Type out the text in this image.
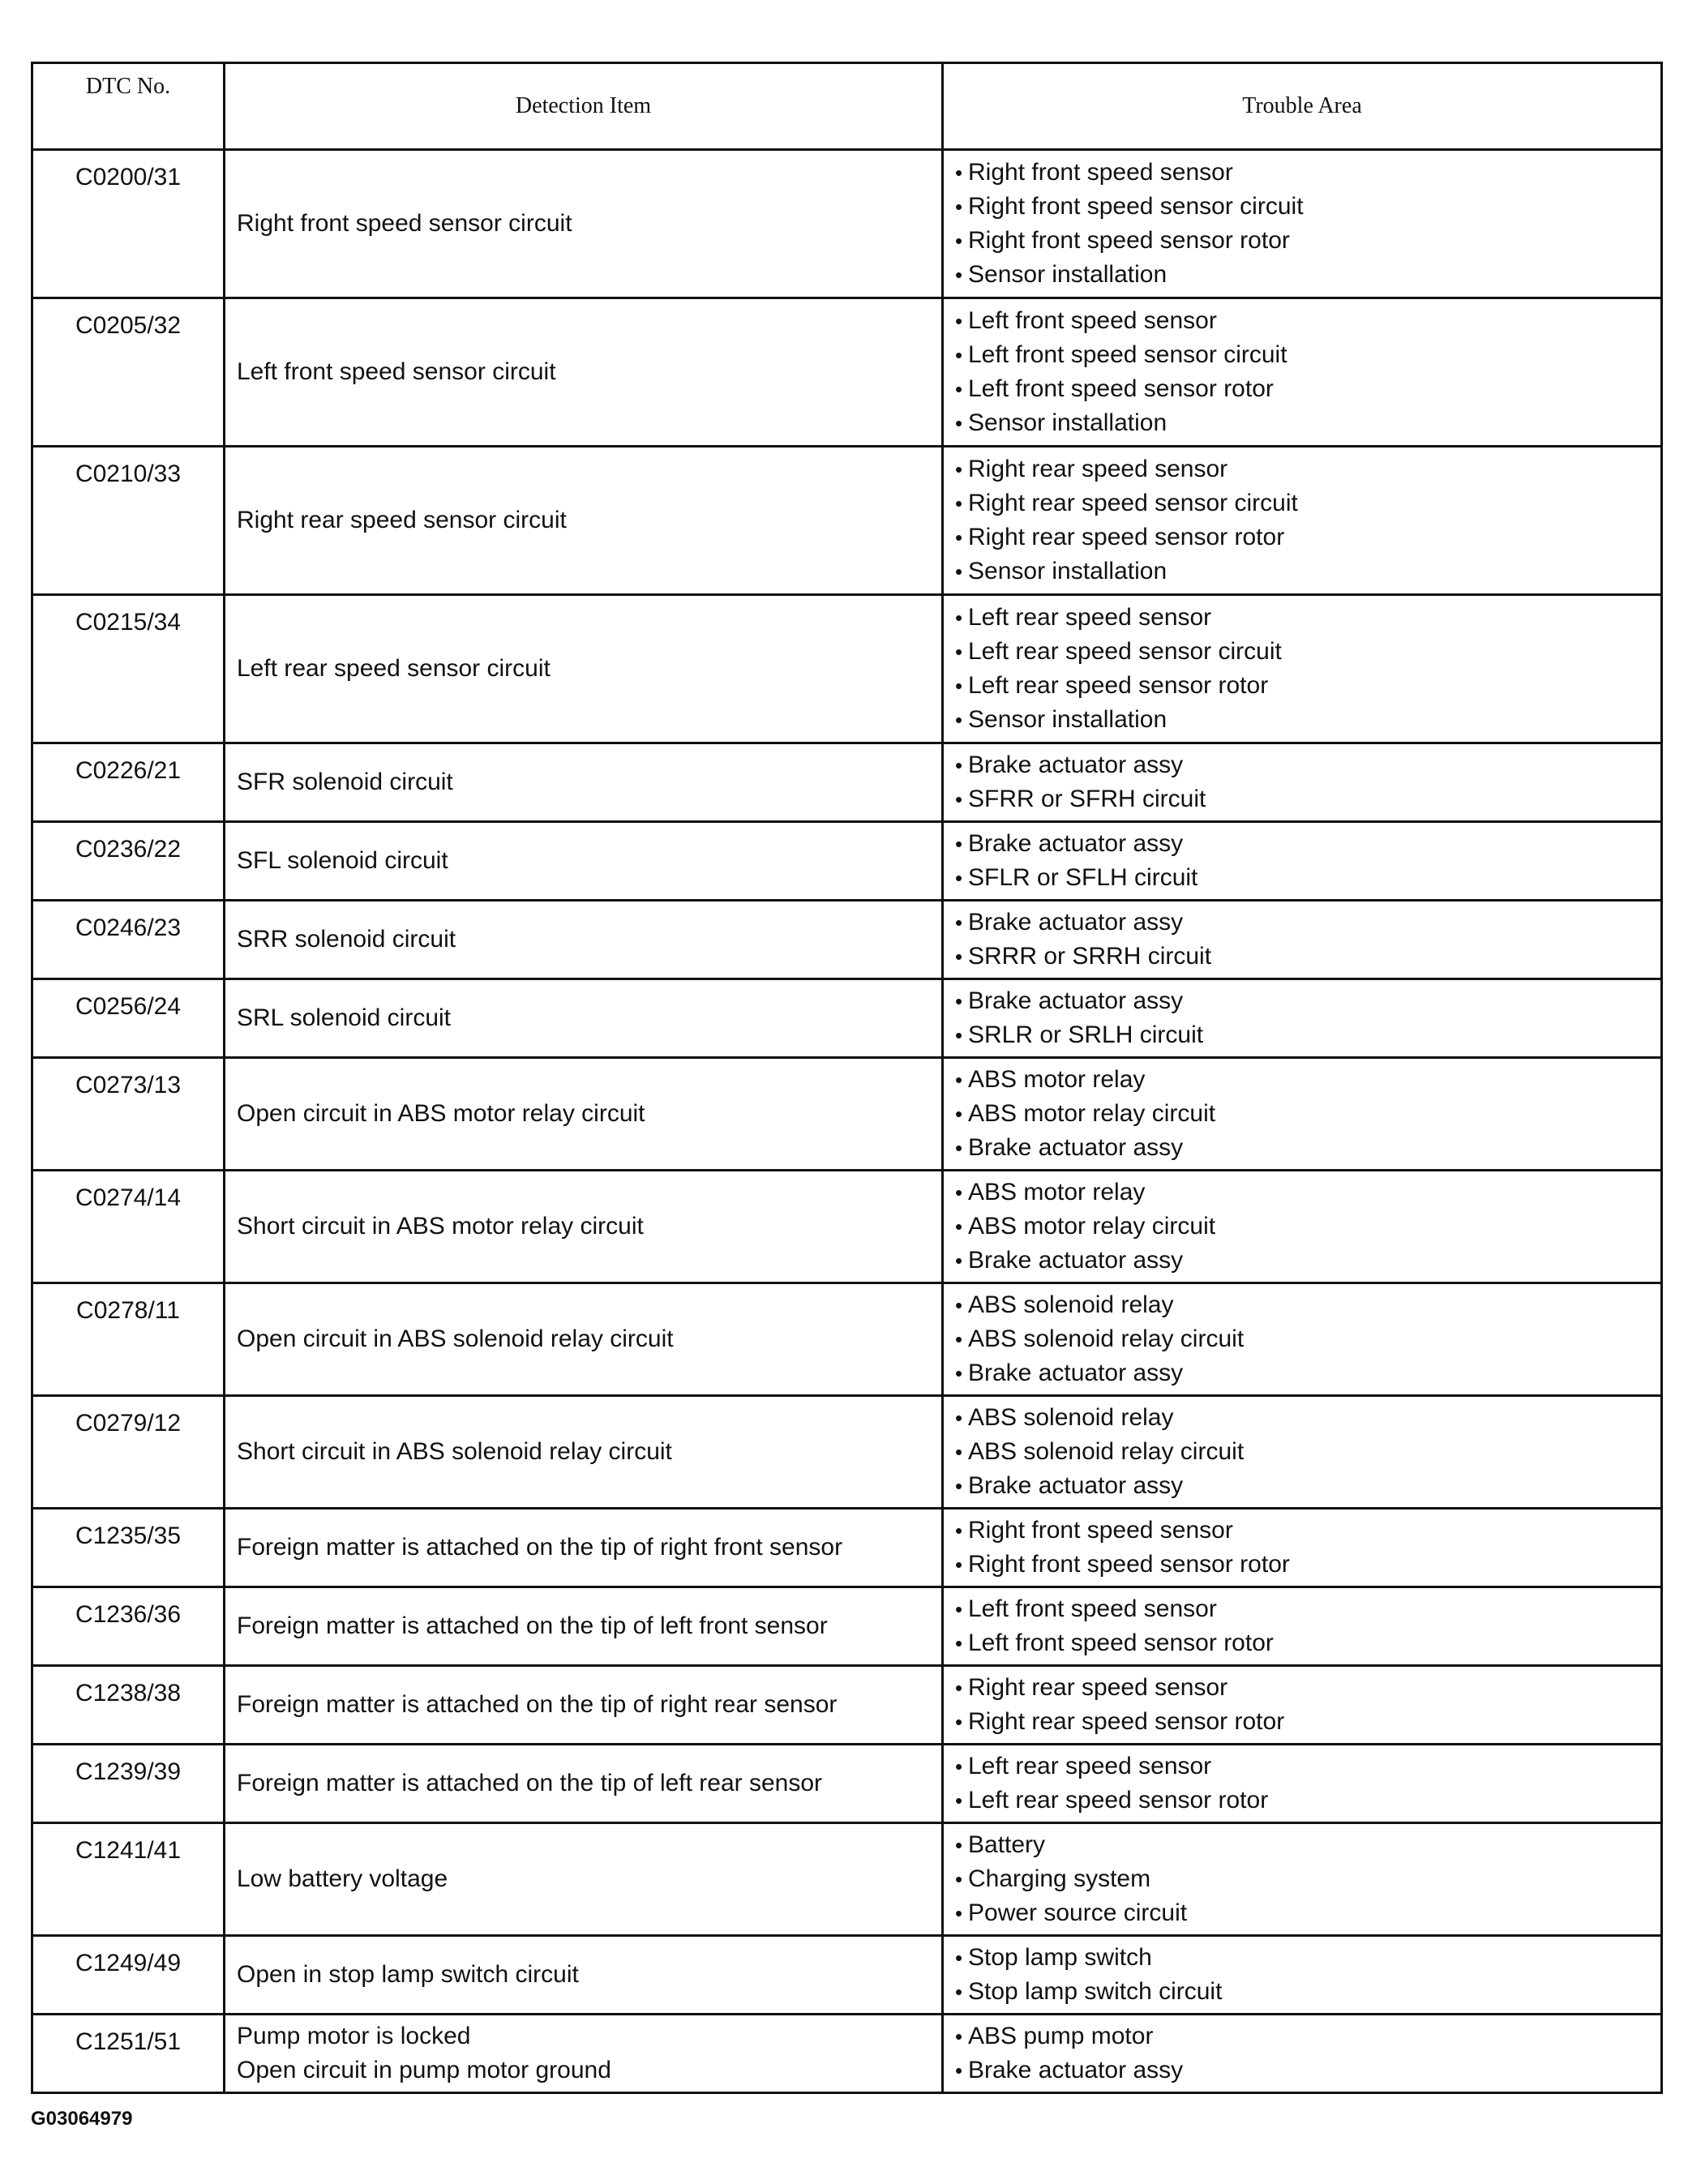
DTC No.	Detection Item	Trouble Area
C0200/31	Right front speed sensor circuit	• Right front speed sensor
• Right front speed sensor circuit
• Right front speed sensor rotor
• Sensor installation

C0205/32	Left front speed sensor circuit	• Left front speed sensor
• Left front speed sensor circuit
• Left front speed sensor rotor
• Sensor installation

C0210/33	Right rear speed sensor circuit	• Right rear speed sensor
• Right rear speed sensor circuit
• Right rear speed sensor rotor
• Sensor installation

C0215/34	Left rear speed sensor circuit	• Left rear speed sensor
• Left rear speed sensor circuit
• Left rear speed sensor rotor
• Sensor installation

C0226/21	SFR solenoid circuit	• Brake actuator assy
• SFRR or SFRH circuit

C0236/22	SFL solenoid circuit	• Brake actuator assy
• SFLR or SFLH circuit

C0246/23	SRR solenoid circuit	• Brake actuator assy
• SRRR or SRRH circuit

C0256/24	SRL solenoid circuit	• Brake actuator assy
• SRLR or SRLH circuit

C0273/13	Open circuit in ABS motor relay circuit	• ABS motor relay
• ABS motor relay circuit
• Brake actuator assy

C0274/14	Short circuit in ABS motor relay circuit	• ABS motor relay
• ABS motor relay circuit
• Brake actuator assy

C0278/11	Open circuit in ABS solenoid relay circuit	• ABS solenoid relay
• ABS solenoid relay circuit
• Brake actuator assy

C0279/12	Short circuit in ABS solenoid relay circuit	• ABS solenoid relay
• ABS solenoid relay circuit
• Brake actuator assy

C1235/35	Foreign matter is attached on the tip of right front sensor	• Right front speed sensor
• Right front speed sensor rotor

C1236/36	Foreign matter is attached on the tip of left front sensor	• Left front speed sensor
• Left front speed sensor rotor

C1238/38	Foreign matter is attached on the tip of right rear sensor	• Right rear speed sensor
• Right rear speed sensor rotor

C1239/39	Foreign matter is attached on the tip of left rear sensor	• Left rear speed sensor
• Left rear speed sensor rotor

C1241/41	Low battery voltage	• Battery
• Charging system
• Power source circuit

C1249/49	Open in stop lamp switch circuit	• Stop lamp switch
• Stop lamp switch circuit

C1251/51	Pump motor is locked
Open circuit in pump motor ground	• ABS pump motor
• Brake actuator assy
G03064979
